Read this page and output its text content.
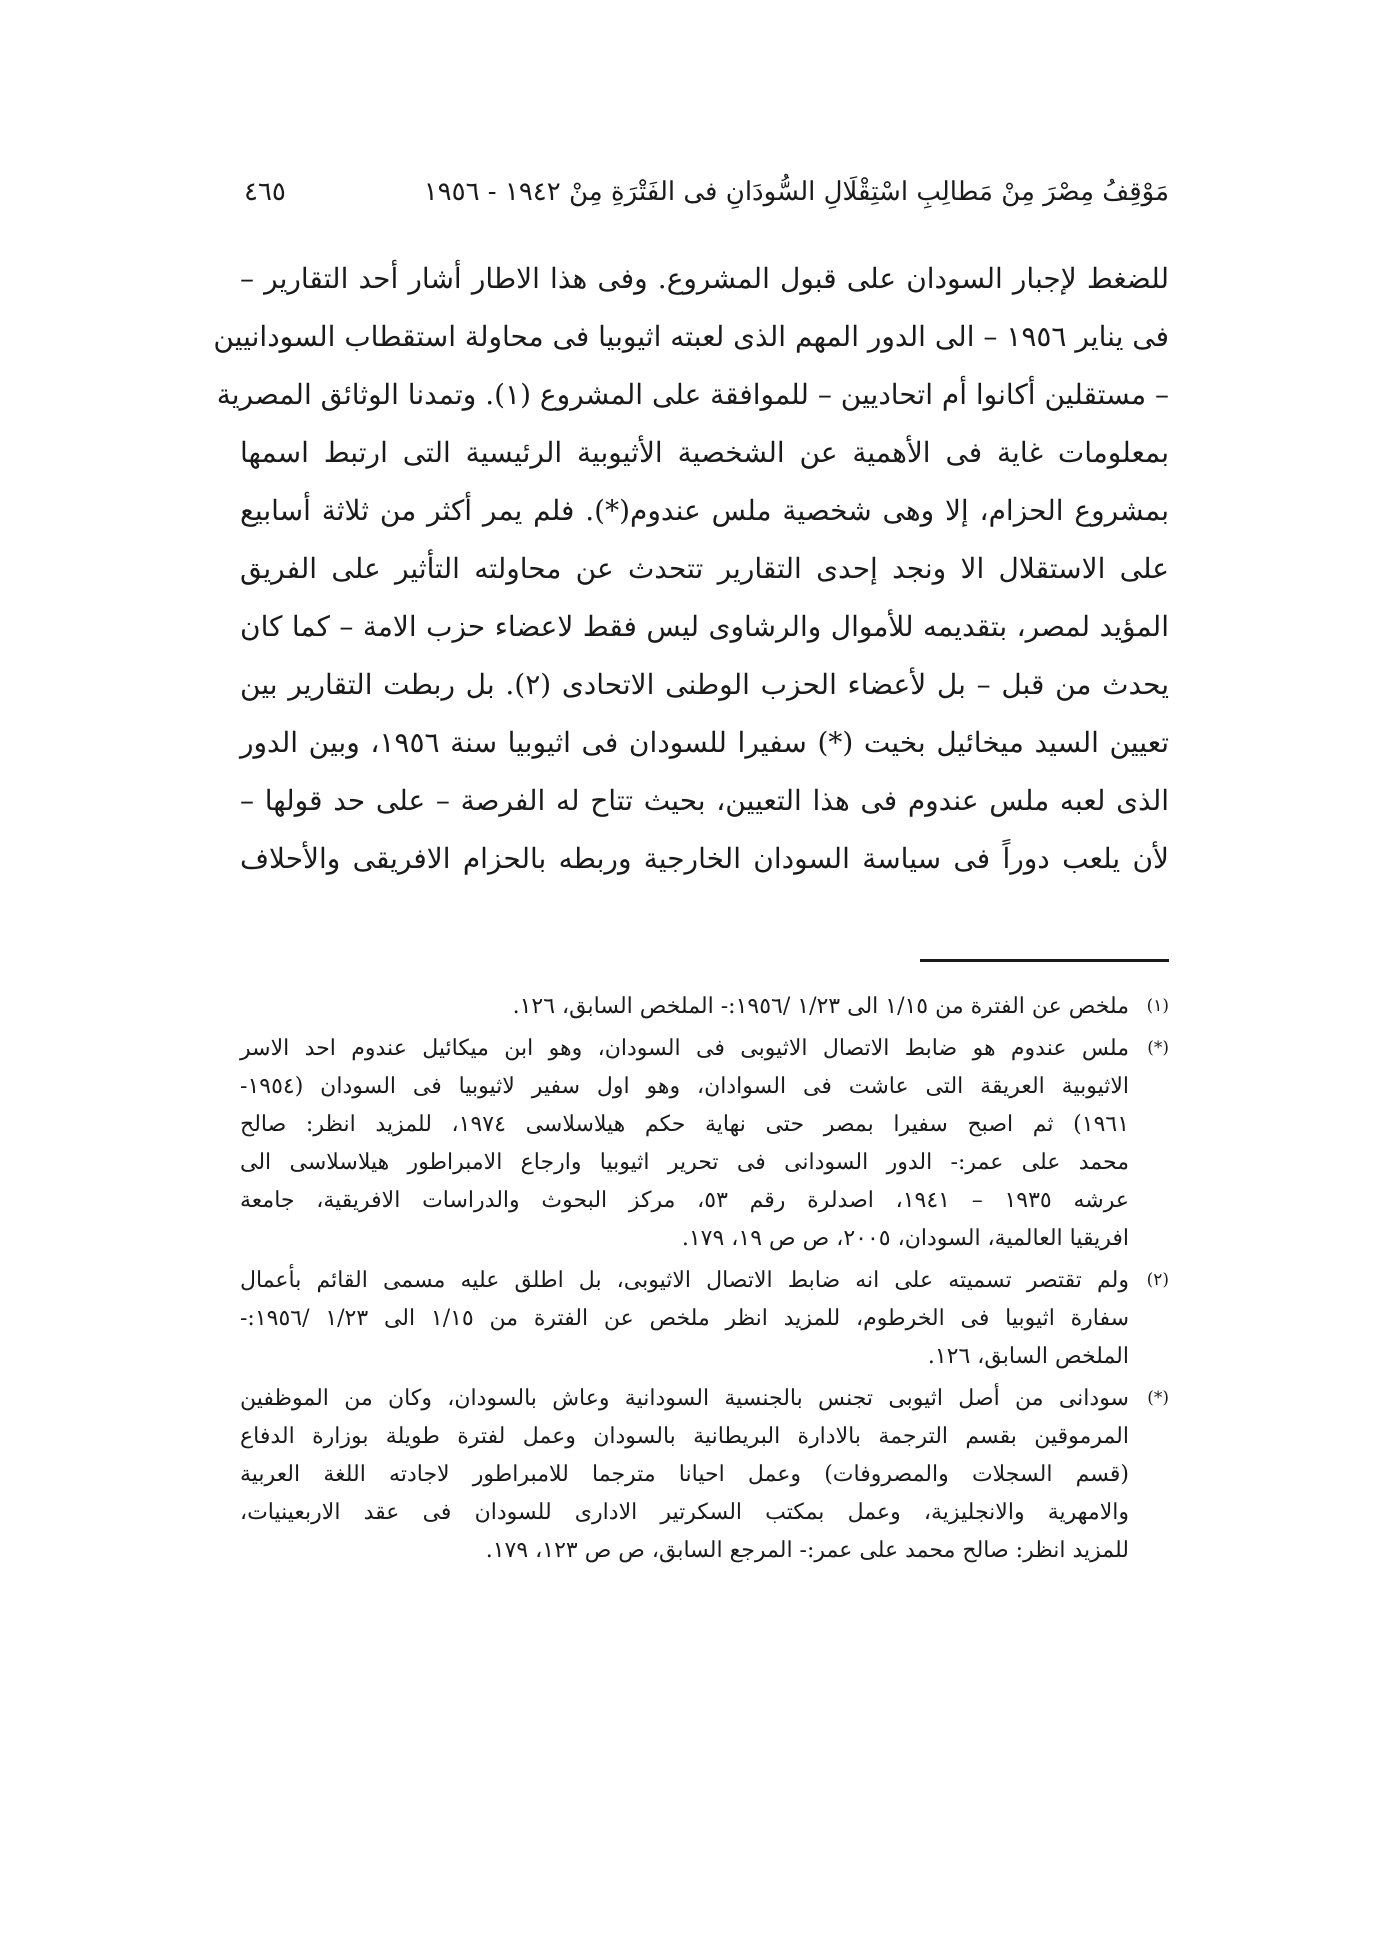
مَوْقِفُ مِصْرَ مِنْ مَطالِبِ اسْتِقْلَالِ السُّودَانِ فى الفَتْرَةِ مِنْ ١٩٤٢ - ١٩٥٦
٤٦٥
للضغط لإجبار السودان على قبول المشروع. وفى هذا الاطار أشار أحد التقارير –
فى يناير ١٩٥٦ – الى الدور المهم الذى لعبته اثيوبيا فى محاولة استقطاب السودانيين
– مستقلين أكانوا أم اتحاديين – للموافقة على المشروع (١). وتمدنا الوثائق المصرية
بمعلومات غاية فى الأهمية عن الشخصية الأثيوبية الرئيسية التى ارتبط اسمها
بمشروع الحزام، إلا وهى شخصية ملس عندوم(*). فلم يمر أكثر من ثلاثة أسابيع
على الاستقلال الا ونجد إحدى التقارير تتحدث عن محاولته التأثير على الفريق
المؤيد لمصر، بتقديمه للأموال والرشاوى ليس فقط لاعضاء حزب الامة – كما كان
يحدث من قبل – بل لأعضاء الحزب الوطنى الاتحادى (٢). بل ربطت التقارير بين
تعيين السيد ميخائيل بخيت (*) سفيرا للسودان فى اثيوبيا سنة ١٩٥٦، وبين الدور
الذى لعبه ملس عندوم فى هذا التعيين، بحيث تتاح له الفرصة – على حد قولها –
لأن يلعب دوراً فى سياسة السودان الخارجية وربطه بالحزام الافريقى والأحلاف
(١)
ملخص عن الفترة من ١/١٥ الى ١/٢٣ /١٩٥٦:- الملخص السابق، ١٢٦.
(*)
ملس عندوم هو ضابط الاتصال الاثيوبى فى السودان، وهو ابن ميكائيل عندوم احد الاسر
الاثيوبية العريقة التى عاشت فى السوادان، وهو اول سفير لاثيوبيا فى السودان (١٩٥٤-
١٩٦١) ثم اصبح سفيرا بمصر حتى نهاية حكم هيلاسلاسى ١٩٧٤، للمزيد انظر: صالح
محمد على عمر:- الدور السودانى فى تحرير اثيوبيا وارجاع الامبراطور هيلاسلاسى الى
عرشه ١٩٣٥ – ١٩٤١، اصدلرة رقم ٥٣، مركز البحوث والدراسات الافريقية، جامعة
افريقيا العالمية، السودان، ٢٠٠٥، ص ص ١٩، ١٧٩.
(٢)
ولم تقتصر تسميته على انه ضابط الاتصال الاثيوبى، بل اطلق عليه مسمى القائم بأعمال
سفارة اثيوبيا فى الخرطوم، للمزيد انظر ملخص عن الفترة من ١/١٥ الى ١/٢٣ /١٩٥٦:-
الملخص السابق، ١٢٦.
(*)
سودانى من أصل اثيوبى تجنس بالجنسية السودانية وعاش بالسودان، وكان من الموظفين
المرموقين بقسم الترجمة بالادارة البريطانية بالسودان وعمل لفترة طويلة بوزارة الدفاع
(قسم السجلات والمصروفات) وعمل احيانا مترجما للامبراطور لاجادته اللغة العربية
والامهرية والانجليزية، وعمل بمكتب السكرتير الادارى للسودان فى عقد الاربعينيات،
للمزيد انظر: صالح محمد على عمر:- المرجع السابق، ص ص ١٢٣، ١٧٩.
